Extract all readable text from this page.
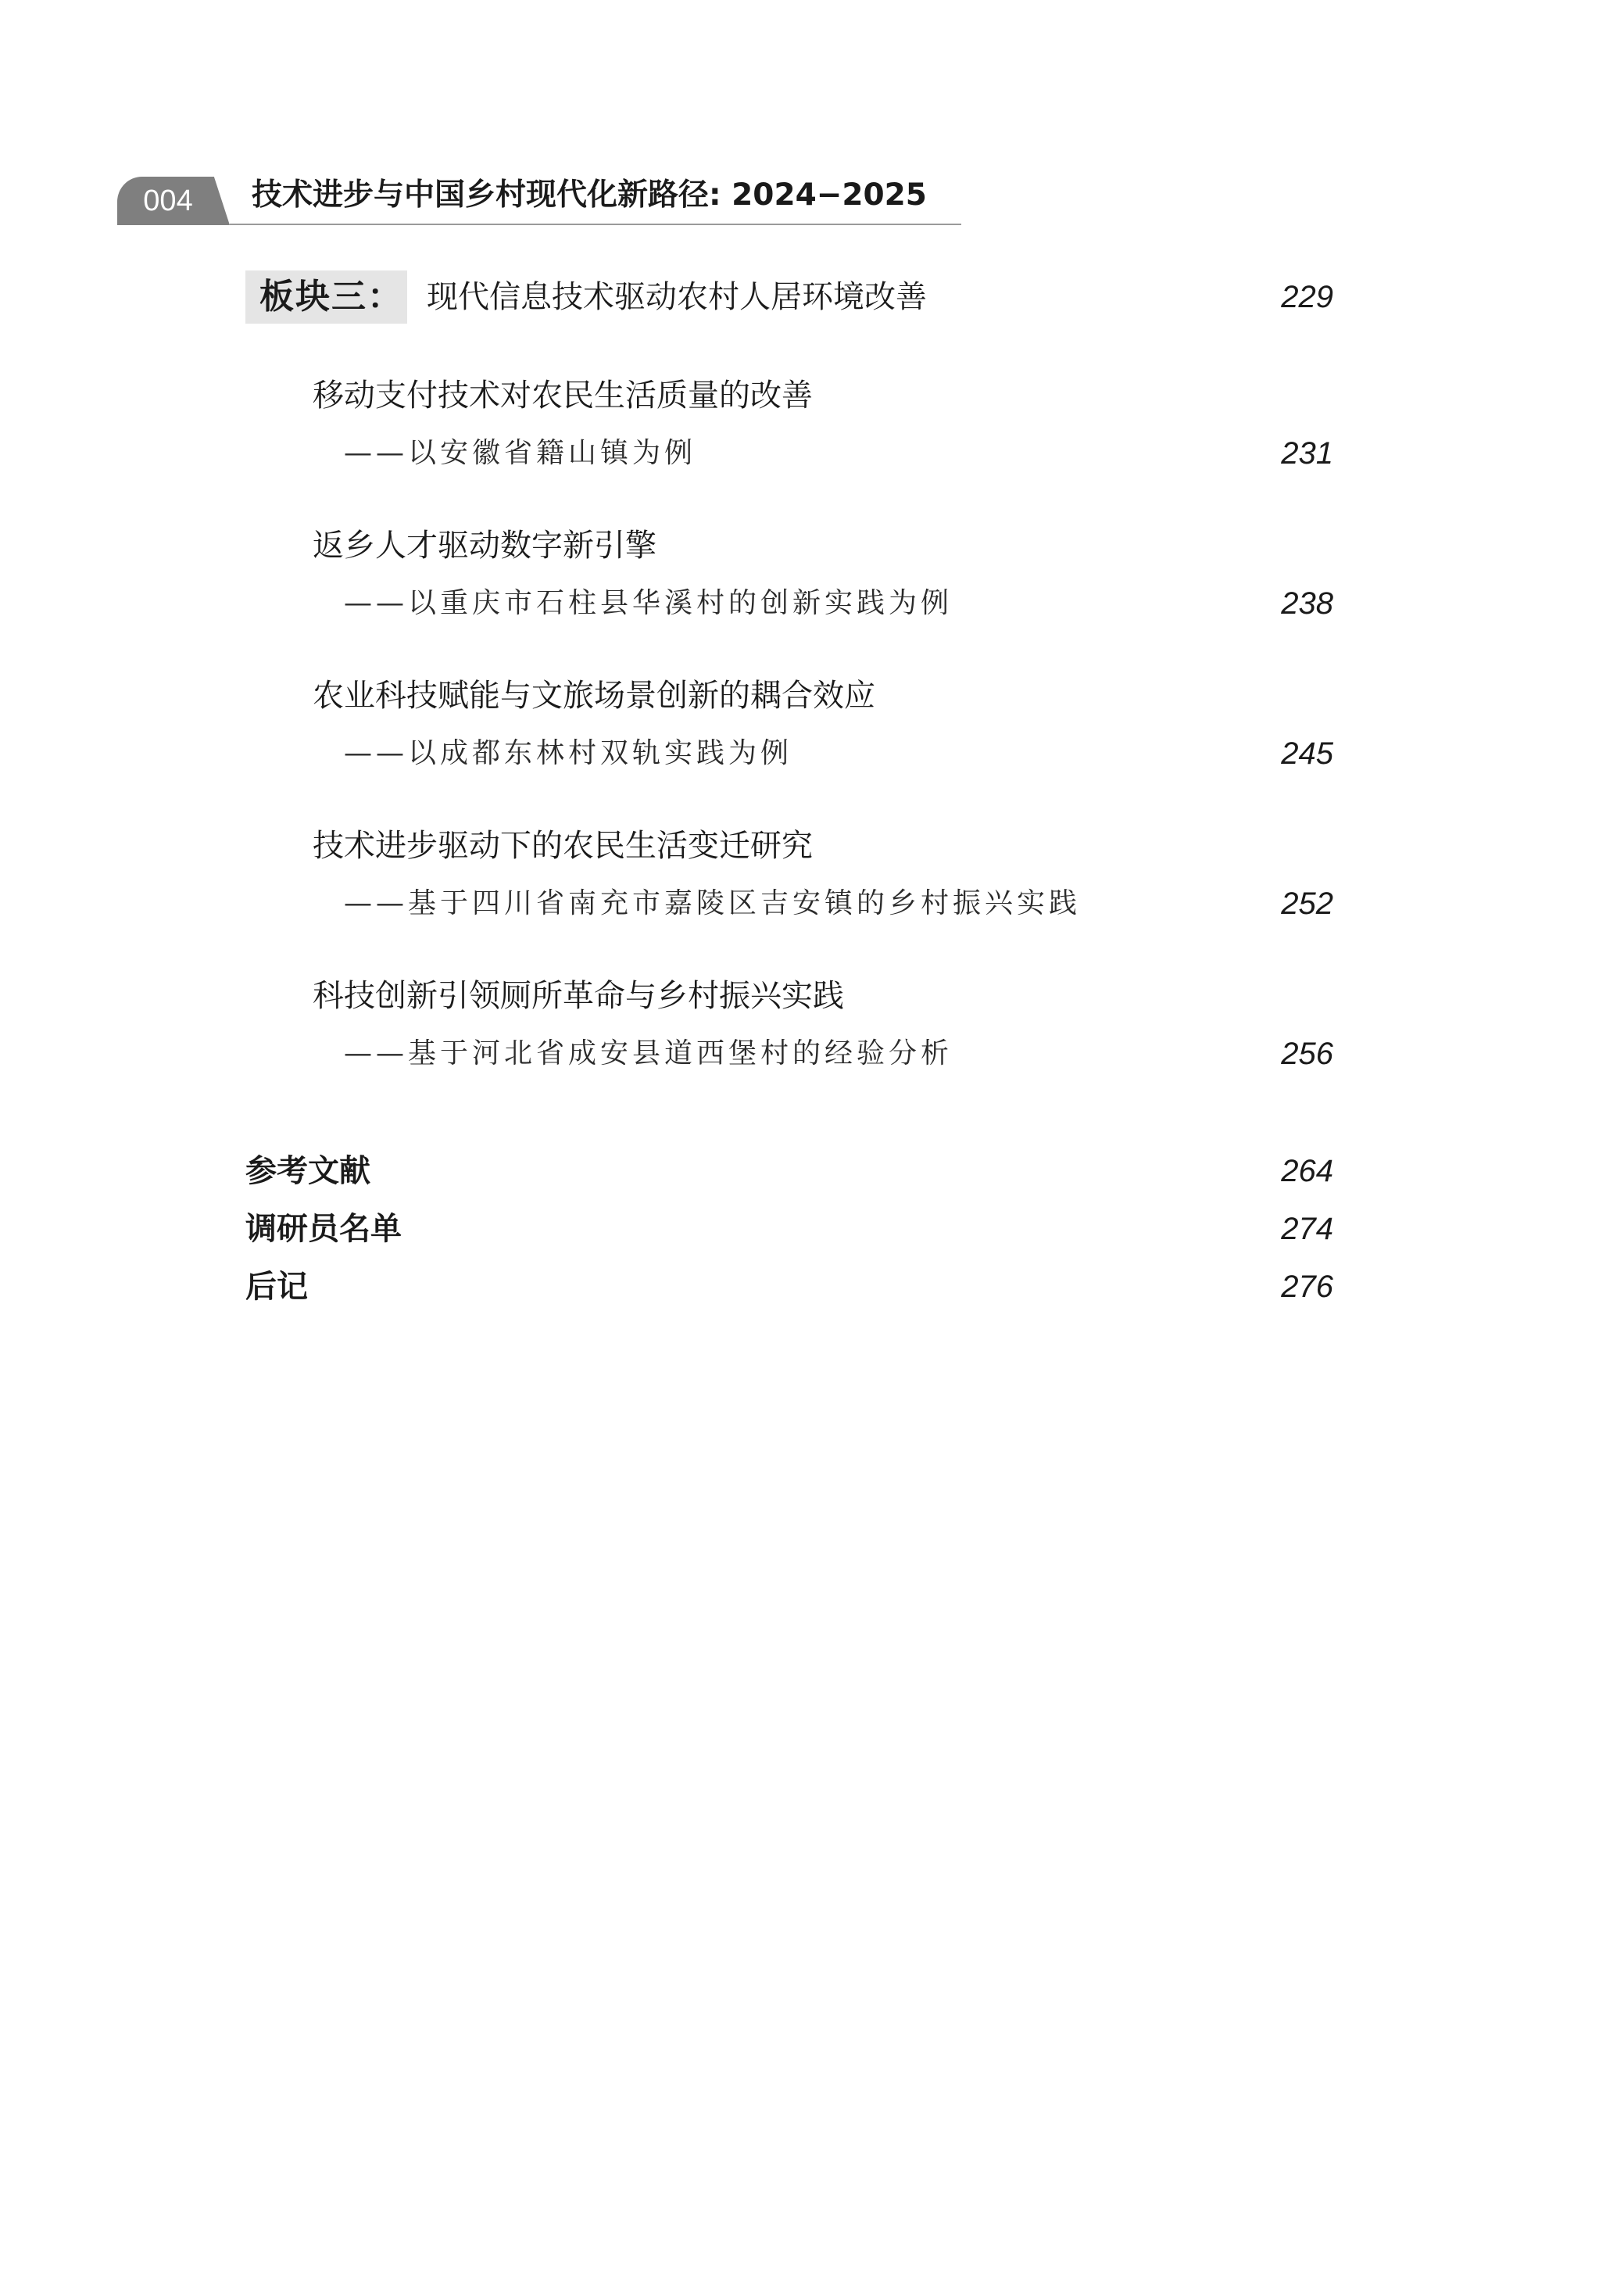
004	技术进步与中国乡村现代化新路径: 2024−2025
板块三： 现代信息技术驱动农村人居环境改善	229
移动支付技术对农民生活质量的改善
——以安徽省籍山镇为例	231
返乡人才驱动数字新引擎
——以重庆市石柱县华溪村的创新实践为例	238
农业科技赋能与文旅场景创新的耦合效应
——以成都东林村双轨实践为例	245
技术进步驱动下的农民生活变迁研究
——基于四川省南充市嘉陵区吉安镇的乡村振兴实践	252
科技创新引领厕所革命与乡村振兴实践
——基于河北省成安县道西堡村的经验分析	256
参考文献	264
调研员名单	274
后记	276
